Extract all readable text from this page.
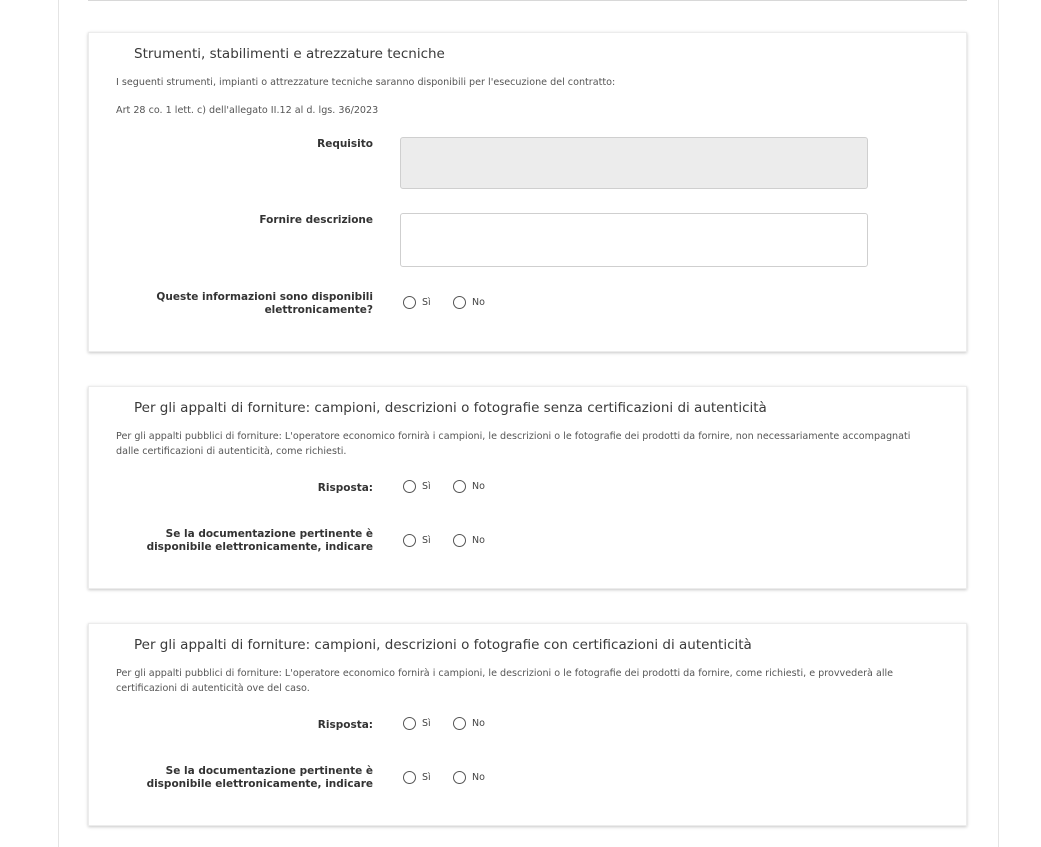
Strumenti, stabilimenti e atrezzature tecniche
I seguenti strumenti, impianti o attrezzature tecniche saranno disponibili per l'esecuzione del contratto:
Art 28 co. 1 lett. c) dell'allegato II.12 al d. lgs. 36/2023
Requisito
Fornire descrizione
Queste informazioni sono disponibili elettronicamente?
Sì	No
Per gli appalti di forniture: campioni, descrizioni o fotografie senza certificazioni di autenticità
Per gli appalti pubblici di forniture: L'operatore economico fornirà i campioni, le descrizioni o le fotografie dei prodotti da fornire, non necessariamente accompagnati dalle certificazioni di autenticità, come richiesti.
Risposta:	Sì	No
Se la documentazione pertinente è disponibile elettronicamente, indicare
Sì	No
Per gli appalti di forniture: campioni, descrizioni o fotografie con certificazioni di autenticità
Per gli appalti pubblici di forniture: L'operatore economico fornirà i campioni, le descrizioni o le fotografie dei prodotti da fornire, come richiesti, e provvederà alle certificazioni di autenticità ove del caso.
Risposta:	Sì	No
Se la documentazione pertinente è disponibile elettronicamente, indicare
Sì	No
